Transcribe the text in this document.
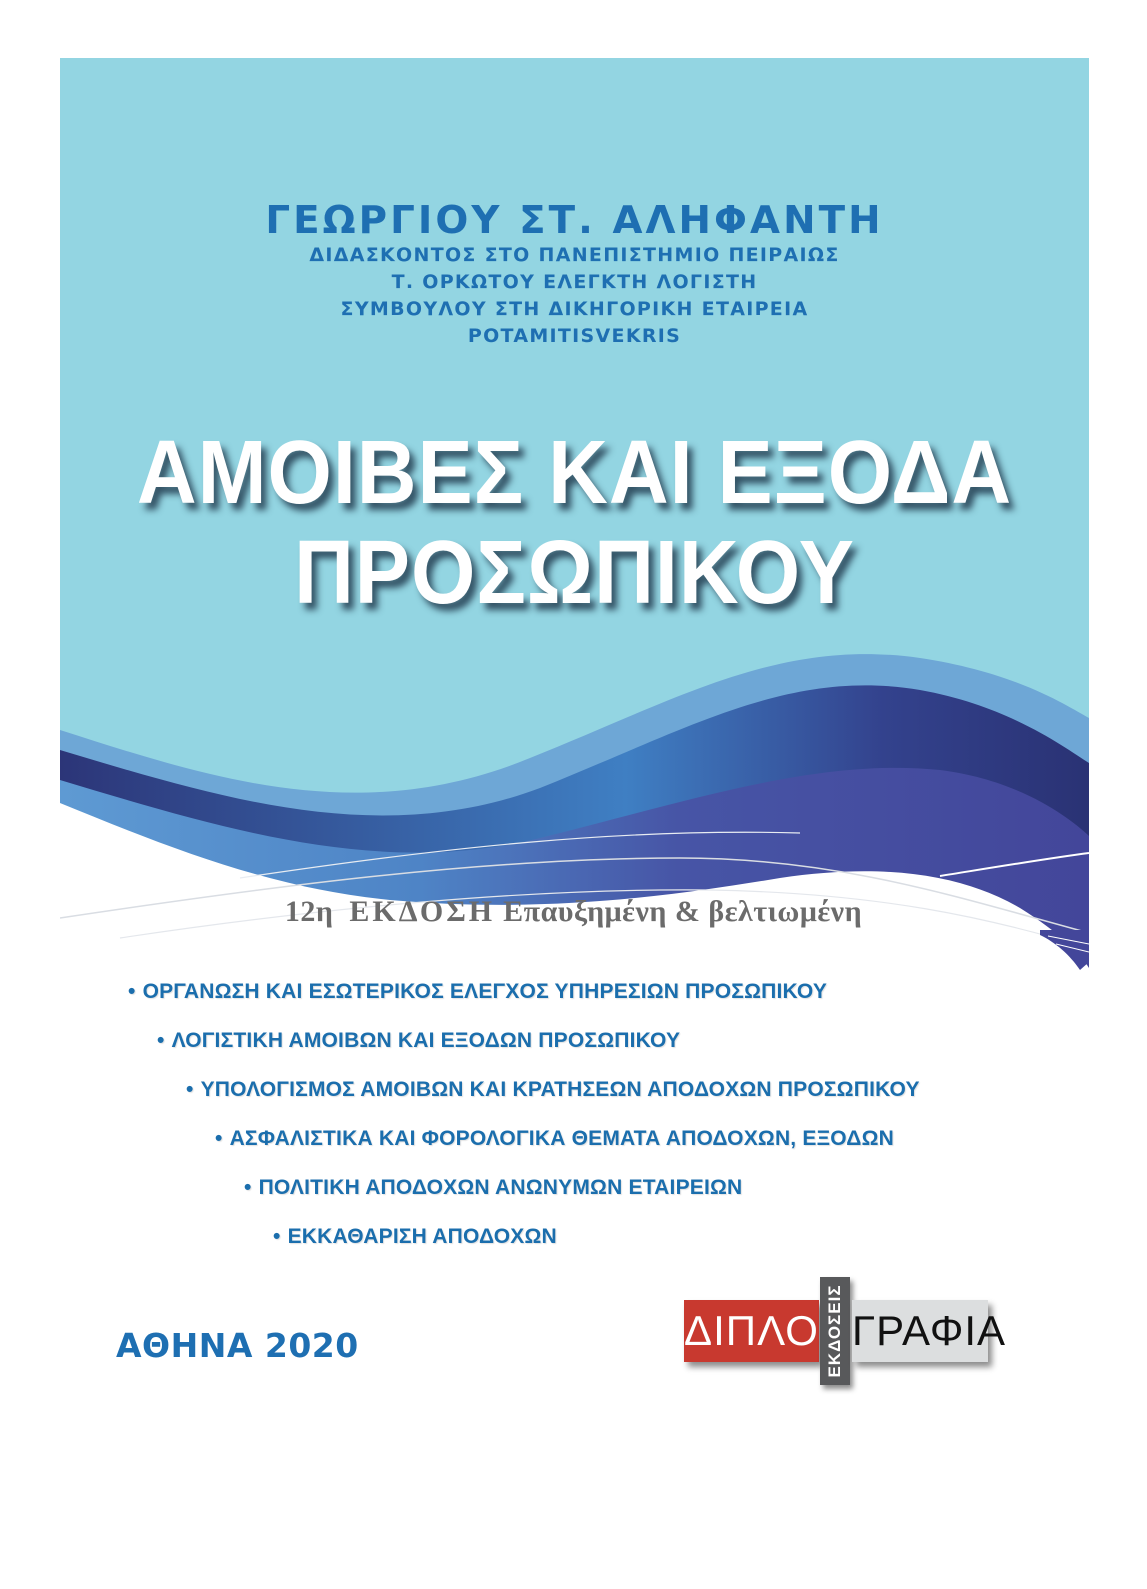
ΓΕΩΡΓΙΟΥ ΣΤ. ΑΛΗΦΑΝΤΗ
ΔΙΔΑΣΚΟΝΤΟΣ ΣΤΟ ΠΑΝΕΠΙΣΤΗΜΙΟ ΠΕΙΡΑΙΩΣ
Τ. ΟΡΚΩΤΟΥ ΕΛΕΓΚΤΗ ΛΟΓΙΣΤΗ
ΣΥΜΒΟΥΛΟΥ ΣΤΗ ΔΙΚΗΓΟΡΙΚΗ ΕΤΑΙΡΕΙΑ
POTAMITISVEKRIS
ΑΜΟΙΒΕΣ ΚΑΙ ΕΞΟΔΑ
ΠΡΟΣΩΠΙΚΟΥ
12η ΕΚΔΟΣΗ Επαυξημένη & βελτιωμένη
• ΟΡΓΑΝΩΣΗ ΚΑΙ ΕΣΩΤΕΡΙΚΟΣ ΕΛΕΓΧΟΣ ΥΠΗΡΕΣΙΩΝ ΠΡΟΣΩΠΙΚΟΥ
• ΛΟΓΙΣΤΙΚΗ ΑΜΟΙΒΩΝ ΚΑΙ ΕΞΟΔΩΝ ΠΡΟΣΩΠΙΚΟΥ
• ΥΠΟΛΟΓΙΣΜΟΣ ΑΜΟΙΒΩΝ ΚΑΙ ΚΡΑΤΗΣΕΩΝ ΑΠΟΔΟΧΩΝ ΠΡΟΣΩΠΙΚΟΥ
• ΑΣΦΑΛΙΣΤΙΚΑ ΚΑΙ ΦΟΡΟΛΟΓΙΚΑ ΘΕΜΑΤΑ ΑΠΟΔΟΧΩΝ, ΕΞΟΔΩΝ
• ΠΟΛΙΤΙΚΗ ΑΠΟΔΟΧΩΝ ΑΝΩΝΥΜΩΝ ΕΤΑΙΡΕΙΩΝ
• ΕΚΚΑΘΑΡΙΣΗ ΑΠΟΔΟΧΩΝ
ΑΘΗΝΑ 2020	ΔΙΠΛΟ ΕΚΔΟΣΕΙΣ ΓΡΑΦΙΑ
